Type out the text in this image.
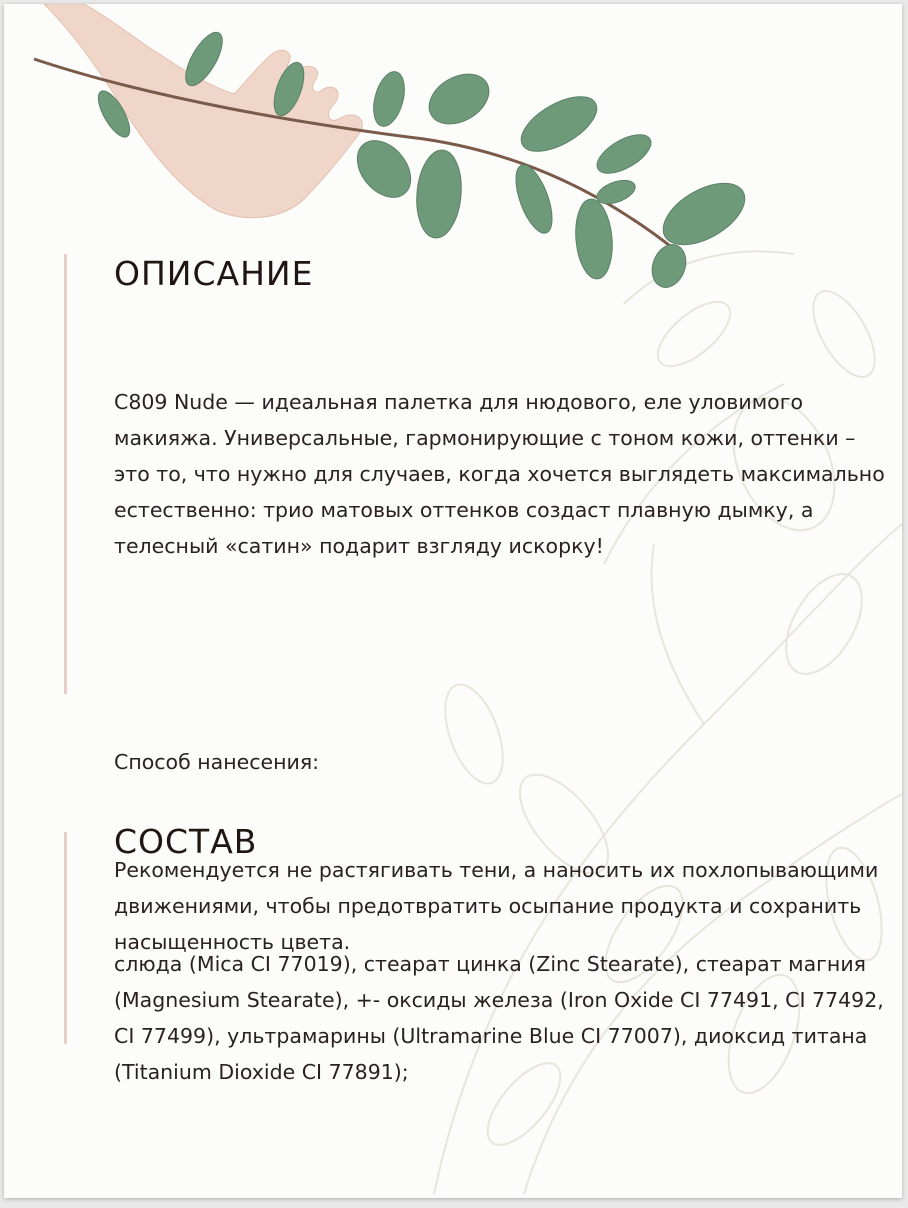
ОПИСАНИЕ

C809 Nude — идеальная палетка для нюдового, еле уловимого макияжа. Универсальные, гармонирующие с тоном кожи, оттенки – это то, что нужно для случаев, когда хочется выглядеть максимально естественно: трио матовых оттенков создаст плавную дымку, а телесный «сатин» подарит взгляду искорку!

Способ нанесения:

Рекомендуется не растягивать тени, а наносить их похлопывающими движениями, чтобы предотвратить осыпание продукта и сохранить насыщенность цвета.

СОСТАВ

слюда (Mica CI 77019), стеарат цинка (Zinc Stearate), стеарат магния (Magnesium Stearate), +- оксиды железа (Iron Oxide CI 77491, CI 77492, CI 77499), ультрамарины (Ultramarine Blue CI 77007), диоксид титана (Titanium Dioxide CI 77891);
